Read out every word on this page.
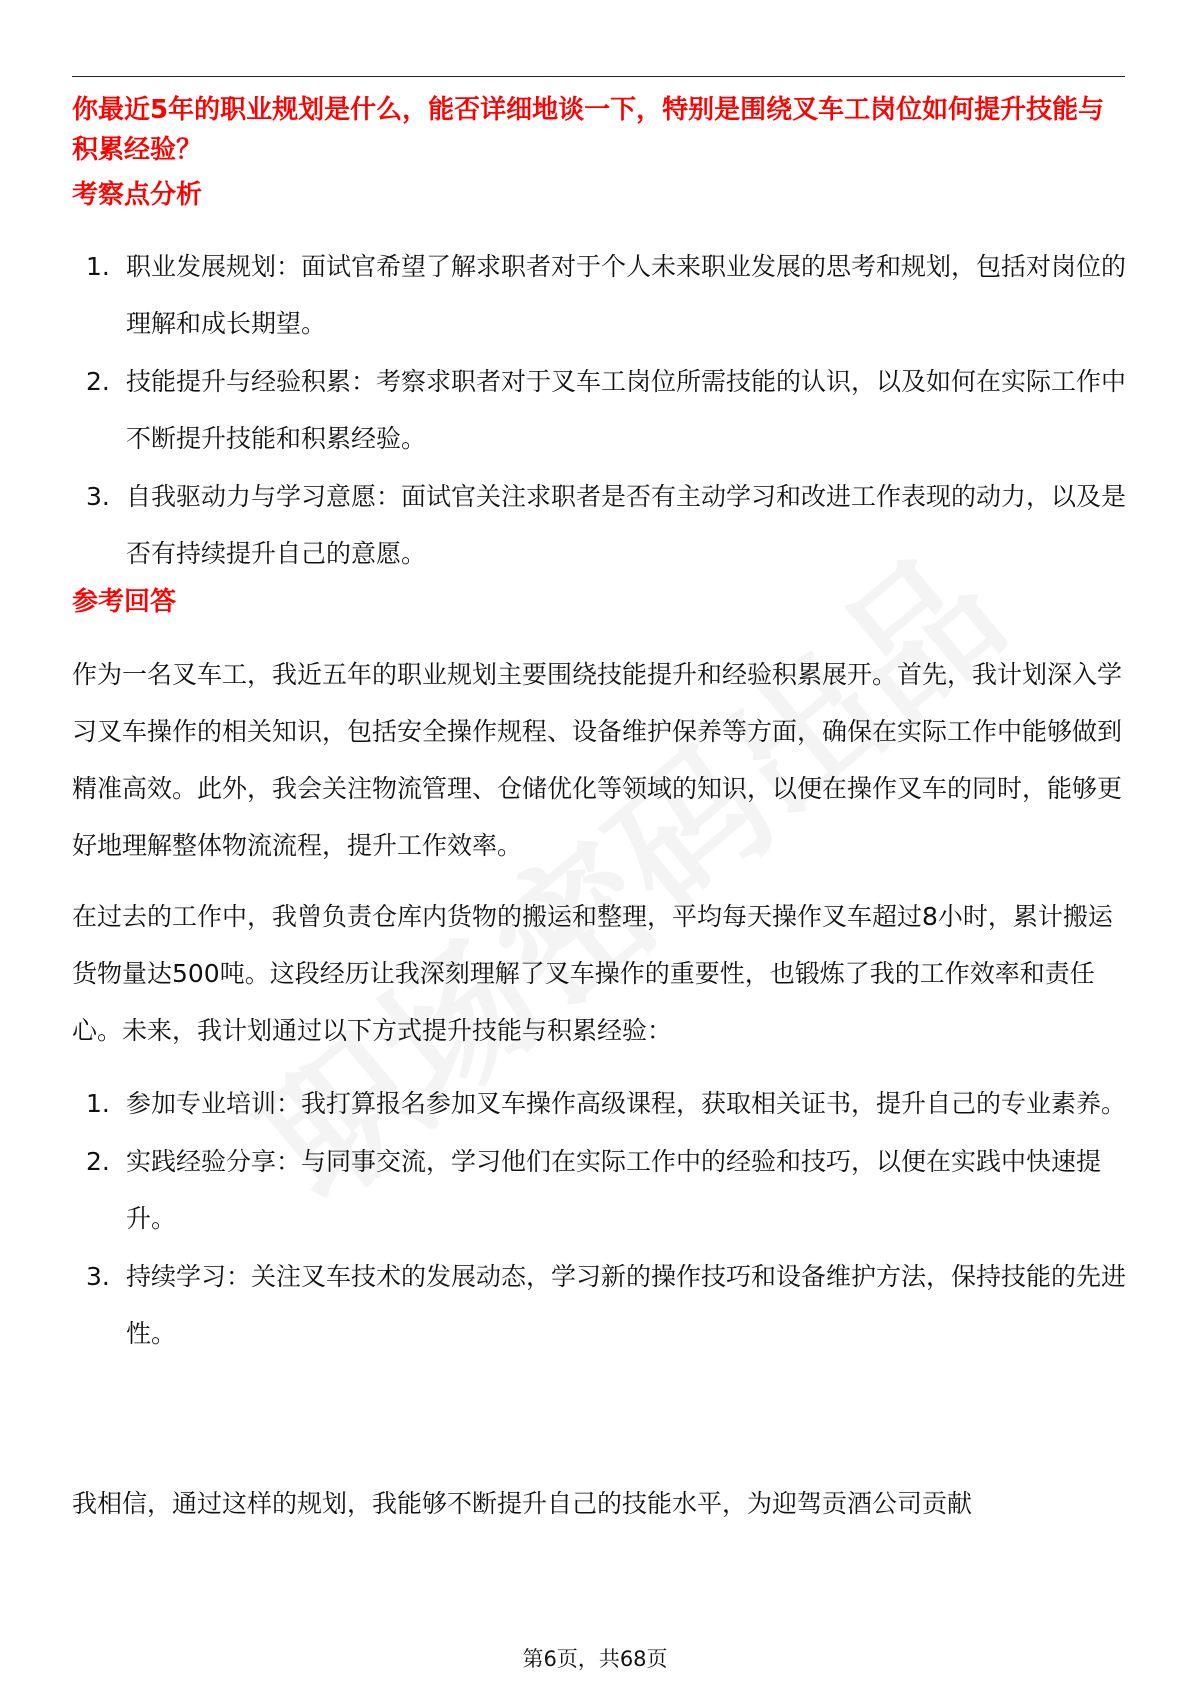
你最近5年的职业规划是什么，能否详细地谈一下，特别是围绕叉车工岗位如何提升技能与积累经验？
考察点分析
1. 职业发展规划：面试官希望了解求职者对于个人未来职业发展的思考和规划，包括对岗位的理解和成长期望。
2. 技能提升与经验积累：考察求职者对于叉车工岗位所需技能的认识，以及如何在实际工作中不断提升技能和积累经验。
3. 自我驱动力与学习意愿：面试官关注求职者是否有主动学习和改进工作表现的动力，以及是否有持续提升自己的意愿。
参考回答

作为一名叉车工，我近五年的职业规划主要围绕技能提升和经验积累展开。首先，我计划深入学习叉车操作的相关知识，包括安全操作规程、设备维护保养等方面，确保在实际工作中能够做到精准高效。此外，我会关注物流管理、仓储优化等领域的知识，以便在操作叉车的同时，能够更好地理解整体物流流程，提升工作效率。

在过去的工作中，我曾负责仓库内货物的搬运和整理，平均每天操作叉车超过8小时，累计搬运货物量达500吨。这段经历让我深刻理解了叉车操作的重要性，也锻炼了我的工作效率和责任心。未来，我计划通过以下方式提升技能与积累经验：

1. 参加专业培训：我打算报名参加叉车操作高级课程，获取相关证书，提升自己的专业素养。
2. 实践经验分享：与同事交流，学习他们在实际工作中的经验和技巧，以便在实践中快速提升。
3. 持续学习：关注叉车技术的发展动态，学习新的操作技巧和设备维护方法，保持技能的先进性。

我相信，通过这样的规划，我能够不断提升自己的技能水平，为迎驾贡酒公司贡献

第6页，共68页
